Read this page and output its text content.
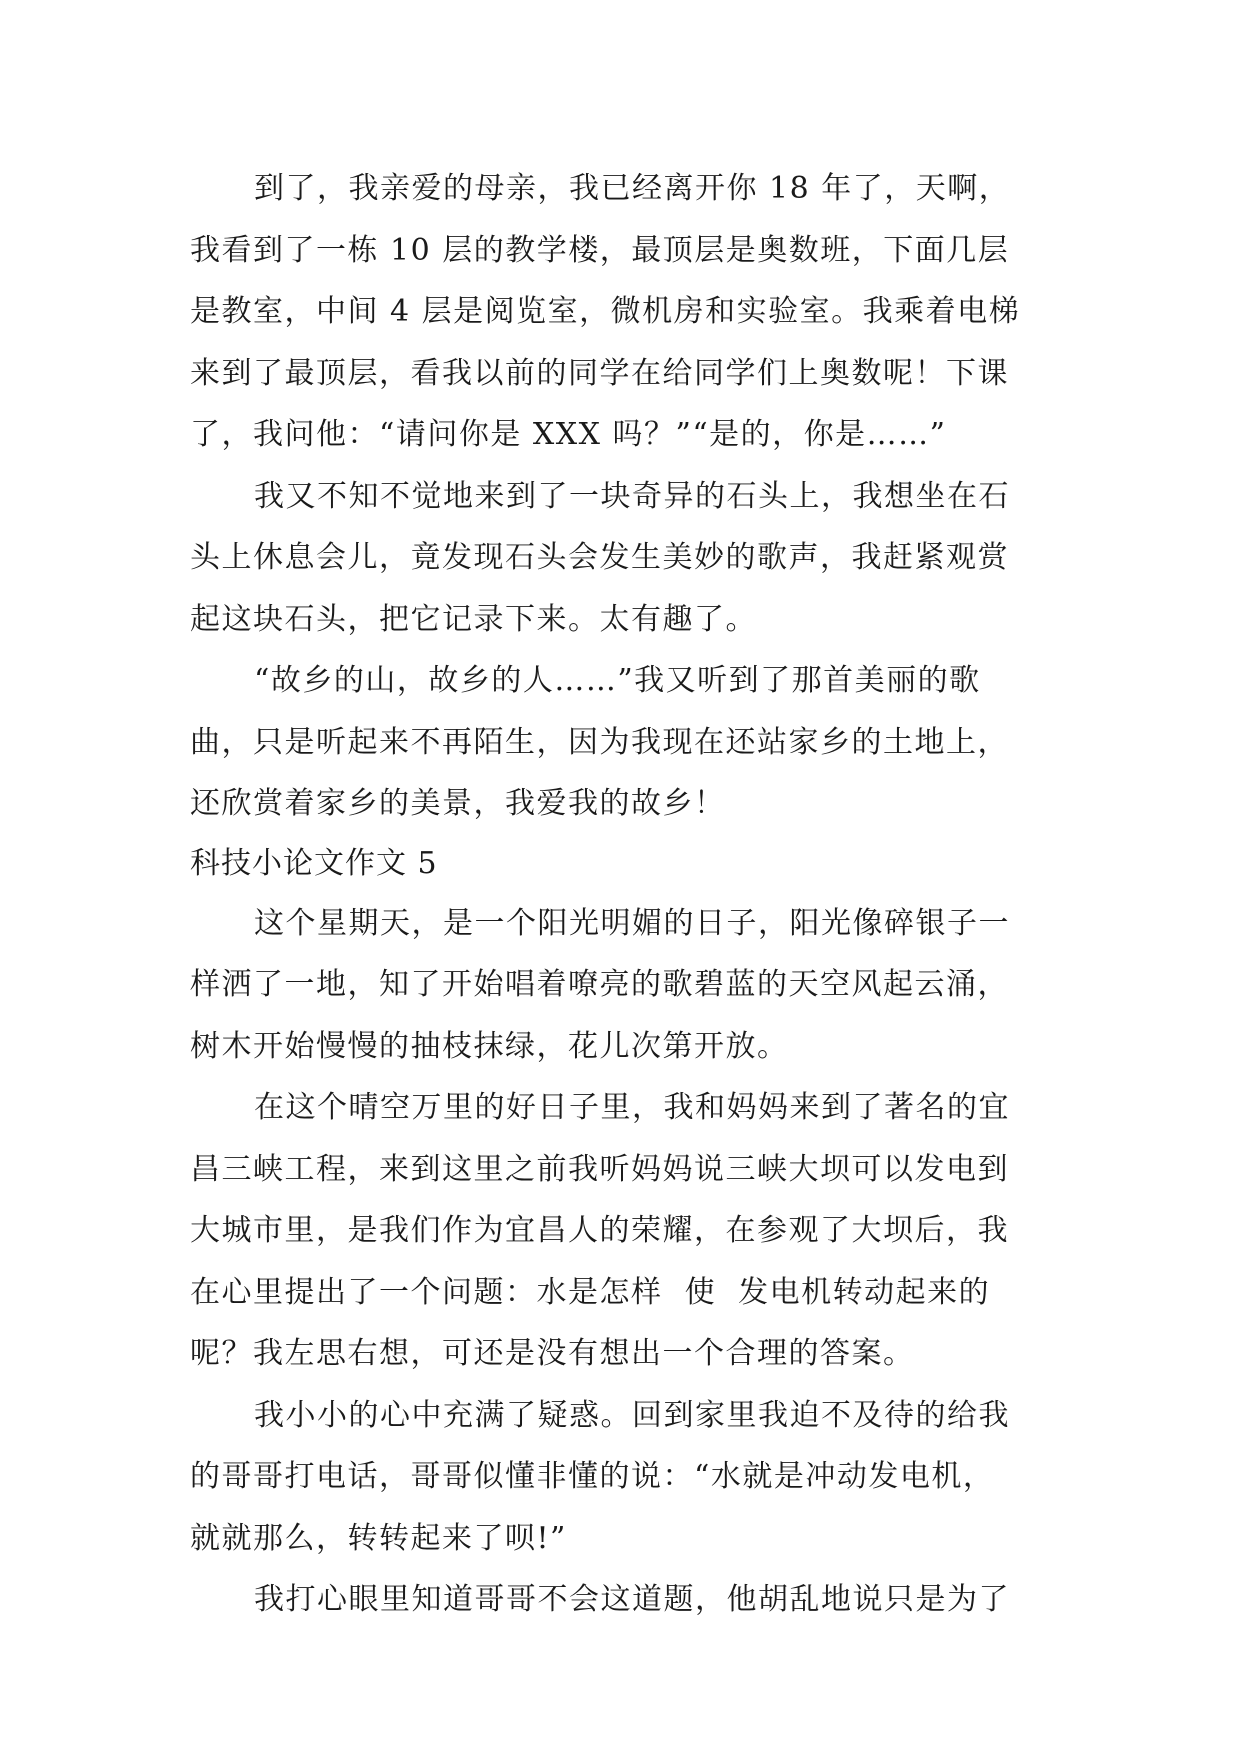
到了，我亲爱的母亲，我已经离开你 18 年了，天啊，
我看到了一栋 10 层的教学楼，最顶层是奥数班，下面几层
是教室，中间 4 层是阅览室，微机房和实验室。我乘着电梯
来到了最顶层，看我以前的同学在给同学们上奥数呢！下课
了，我问他：“请问你是 XXX 吗？”“是的，你是……”
我又不知不觉地来到了一块奇异的石头上，我想坐在石
头上休息会儿，竟发现石头会发生美妙的歌声，我赶紧观赏
起这块石头，把它记录下来。太有趣了。
“故乡的山，故乡的人……”我又听到了那首美丽的歌
曲，只是听起来不再陌生，因为我现在还站家乡的土地上，
还欣赏着家乡的美景，我爱我的故乡！
科技小论文作文 5
这个星期天，是一个阳光明媚的日子，阳光像碎银子一
样洒了一地，知了开始唱着嘹亮的歌碧蓝的天空风起云涌，
树木开始慢慢的抽枝抹绿，花儿次第开放。
在这个晴空万里的好日子里，我和妈妈来到了著名的宜
昌三峡工程，来到这里之前我听妈妈说三峡大坝可以发电到
大城市里，是我们作为宜昌人的荣耀，在参观了大坝后，我
在心里提出了一个问题：水是怎样  使  发电机转动起来的
呢？我左思右想，可还是没有想出一个合理的答案。
我小小的心中充满了疑惑。回到家里我迫不及待的给我
的哥哥打电话，哥哥似懂非懂的说：“水就是冲动发电机，
就就那么，转转起来了呗!”
我打心眼里知道哥哥不会这道题，他胡乱地说只是为了
